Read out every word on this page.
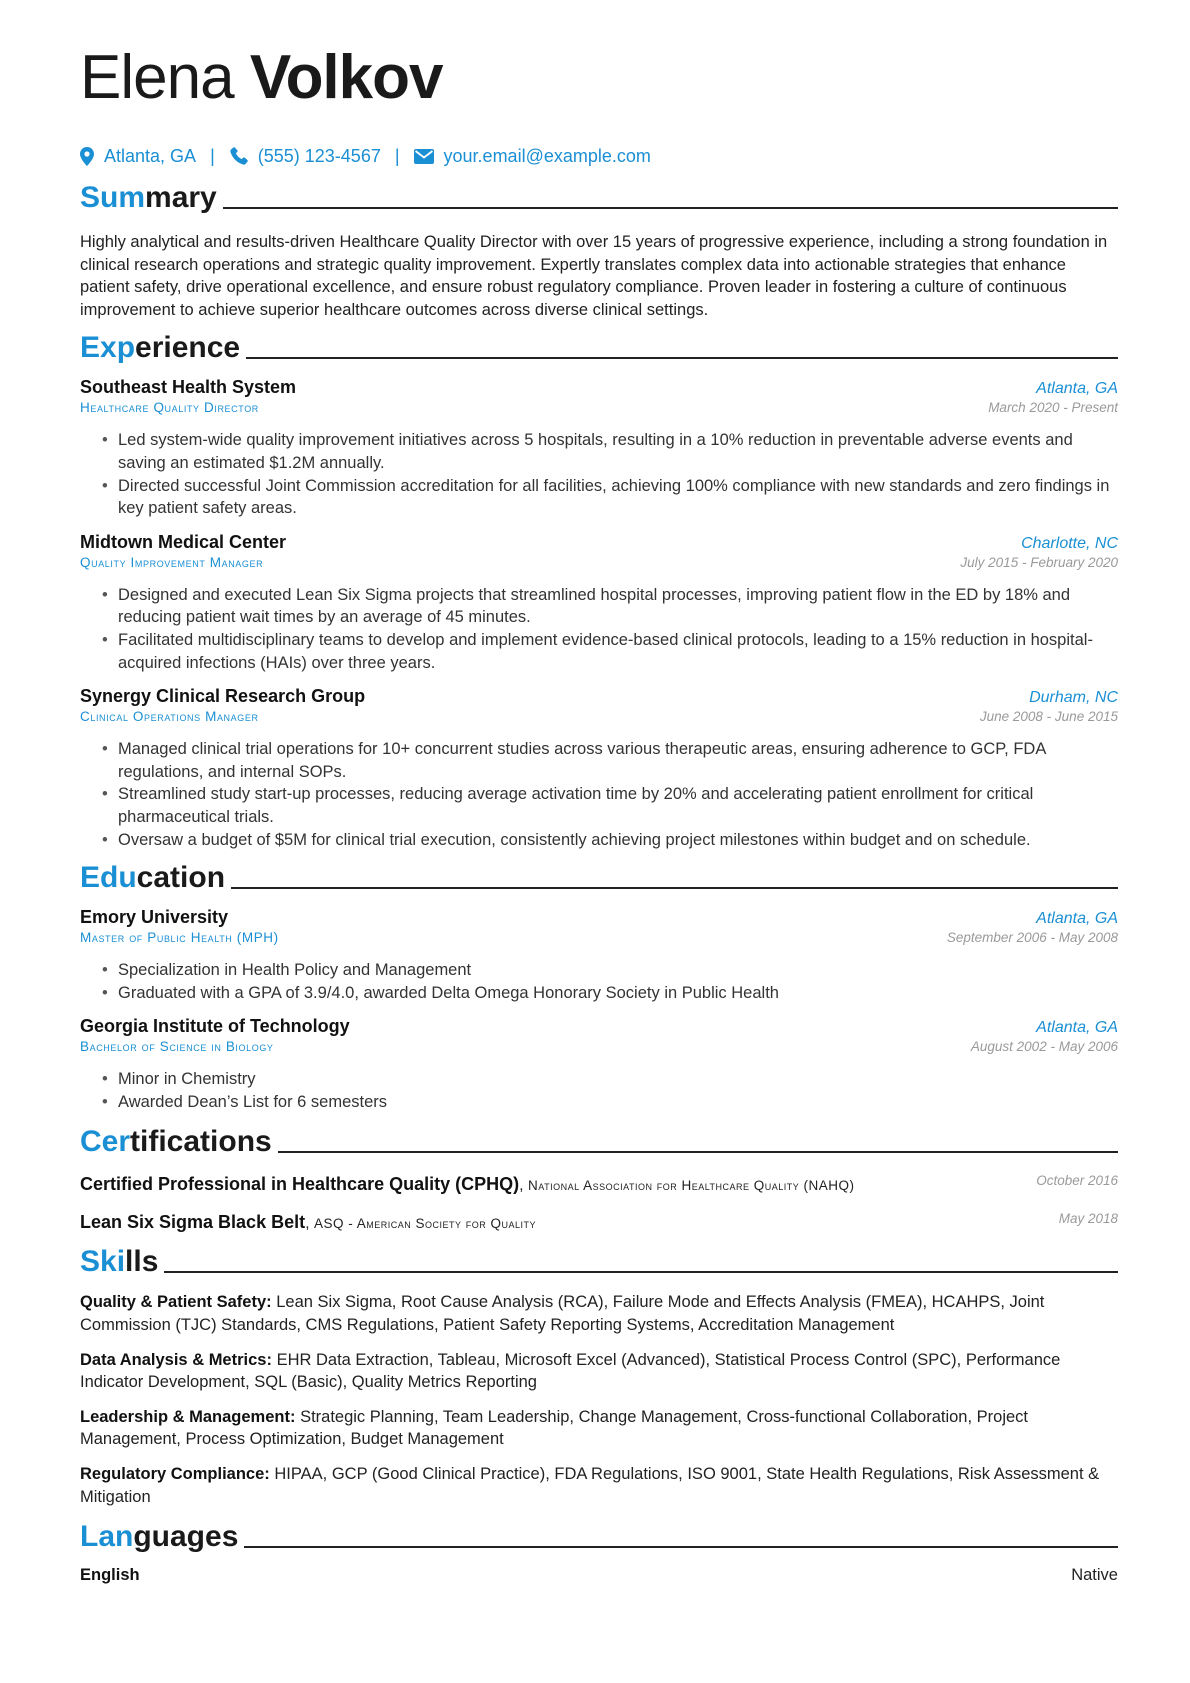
Elena Volkov
Atlanta, GA | (555) 123-4567 | your.email@example.com
Sum mary
Highly analytical and results-driven Healthcare Quality Director with over 15 years of progressive experience, including a strong foundation in clinical research operations and strategic quality improvement. Expertly translates complex data into actionable strategies that enhance patient safety, drive operational excellence, and ensure robust regulatory compliance. Proven leader in fostering a culture of continuous improvement to achieve superior healthcare outcomes across diverse clinical settings.
Exp erience
Southeast Health System	Atlanta, GA
Healthcare Quality Director	March 2020 - Present
• Led system-wide quality improvement initiatives across 5 hospitals, resulting in a 10% reduction in preventable adverse events and saving an estimated $1.2M annually.
• Directed successful Joint Commission accreditation for all facilities, achieving 100% compliance with new standards and zero findings in key patient safety areas.
Midtown Medical Center	Charlotte, NC
Quality Improvement Manager	July 2015 - February 2020
• Designed and executed Lean Six Sigma projects that streamlined hospital processes, improving patient flow in the ED by 18% and reducing patient wait times by an average of 45 minutes.
• Facilitated multidisciplinary teams to develop and implement evidence-based clinical protocols, leading to a 15% reduction in hospital-acquired infections (HAIs) over three years.
Synergy Clinical Research Group	Durham, NC
Clinical Operations Manager	June 2008 - June 2015
• Managed clinical trial operations for 10+ concurrent studies across various therapeutic areas, ensuring adherence to GCP, FDA regulations, and internal SOPs.
• Streamlined study start-up processes, reducing average activation time by 20% and accelerating patient enrollment for critical pharmaceutical trials.
• Oversaw a budget of $5M for clinical trial execution, consistently achieving project milestones within budget and on schedule.
Edu cation
Emory University	Atlanta, GA
Master of Public Health (MPH)	September 2006 - May 2008
• Specialization in Health Policy and Management
• Graduated with a GPA of 3.9/4.0, awarded Delta Omega Honorary Society in Public Health
Georgia Institute of Technology	Atlanta, GA
Bachelor of Science in Biology	August 2002 - May 2006
• Minor in Chemistry
• Awarded Dean’s List for 6 semesters
Cer tifications
Certified Professional in Healthcare Quality (CPHQ), National Association for Healthcare Quality (NAHQ)	October 2016
Lean Six Sigma Black Belt, ASQ - American Society for Quality	May 2018
Ski lls
Quality & Patient Safety: Lean Six Sigma, Root Cause Analysis (RCA), Failure Mode and Effects Analysis (FMEA), HCAHPS, Joint Commission (TJC) Standards, CMS Regulations, Patient Safety Reporting Systems, Accreditation Management
Data Analysis & Metrics: EHR Data Extraction, Tableau, Microsoft Excel (Advanced), Statistical Process Control (SPC), Performance Indicator Development, SQL (Basic), Quality Metrics Reporting
Leadership & Management: Strategic Planning, Team Leadership, Change Management, Cross-functional Collaboration, Project Management, Process Optimization, Budget Management
Regulatory Compliance: HIPAA, GCP (Good Clinical Practice), FDA Regulations, ISO 9001, State Health Regulations, Risk Assessment & Mitigation
Lan guages
English	Native
